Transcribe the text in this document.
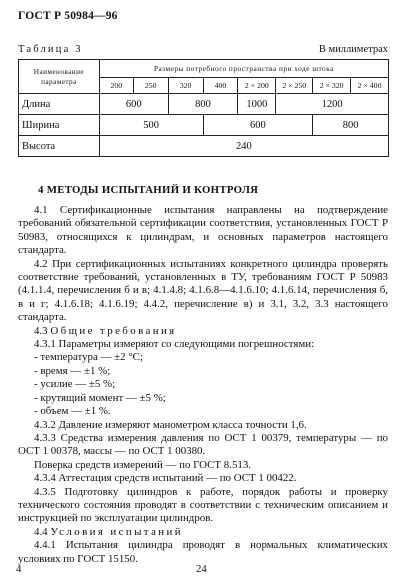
ГОСТ Р 50984—96
Таблица 3	В миллиметрах
Наименование параметра	Размеры потребного пространства при ходе штока							
	200	250	320	400	2 × 200	2 × 250	2 × 320	2 × 400
Длина	600		800		1000	1200		
Ширина	500			600			800	
Высота	240							
4 МЕТОДЫ ИСПЫТАНИЙ И КОНТРОЛЯ

4.1 Сертификационные испытания направлены на подтверждение требований обязательной сертификации соответствия, установленных ГОСТ Р 50983, относящихся к цилиндрам, и основных параметров настоящего стандарта.

4.2 При сертификационных испытаниях конкретного цилиндра проверять соответствие требований, установленных в ТУ, требованиям ГОСТ Р 50983 (4.1.1.4, перечисления б и в; 4.1.4.8; 4.1.6.8—4.1.6.10; 4.1.6.14, перечисления б, в и г; 4.1.6.18; 4.1.6.19; 4.4.2, перечисление в) и 3.1, 3.2, 3.3 настоящего стандарта.

4.3 Общие требования

4.3.1 Параметры измеряют со следующими погрешностями:

- температура — ±2 °С;

- время — ±1 %;

- усилие — ±5 %;

- крутящий момент — ±5 %;

- объем — ±1 %.

4.3.2 Давление измеряют манометром класса точности 1,6.

4.3.3 Средства измерения давления по ОСТ 1 00379, температуры — по ОСТ 1 00378, массы — по ОСТ 1 00380.

Поверка средств измерений — по ГОСТ 8.513.

4.3.4 Аттестация средств испытаний — по ОСТ 1 00422.

4.3.5 Подготовку цилиндров к работе, порядок работы и проверку технического состояния проводят в соответствии с техническим описанием и инструкцией по эксплуатации цилиндров.

4.4 Условия испытаний

4.4.1 Испытания цилиндра проводят в нормальных климатических условиях по ГОСТ 15150.

4	24
